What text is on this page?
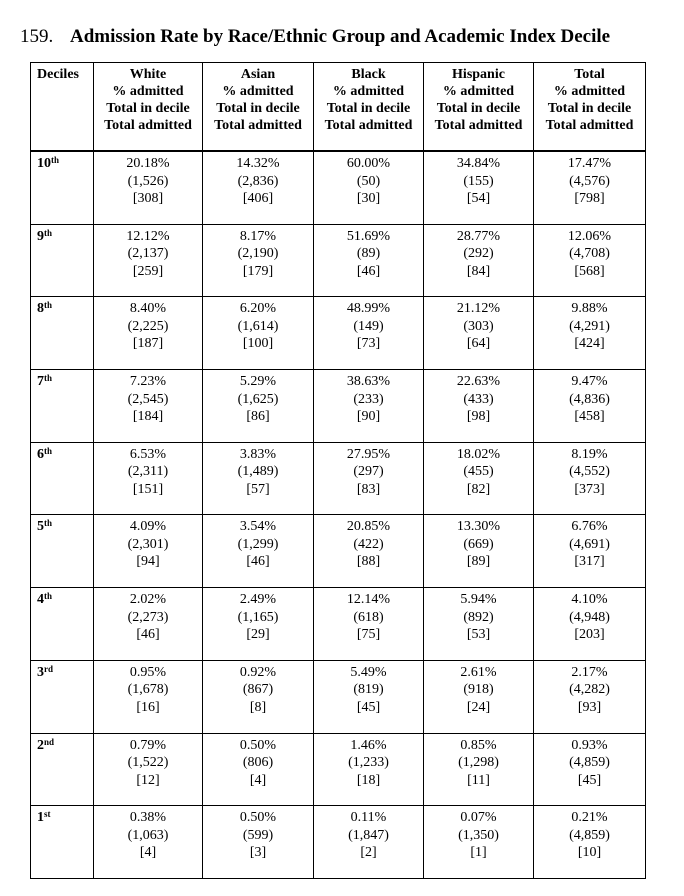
159. Admission Rate by Race/Ethnic Group and Academic Index Decile
Deciles	White
% admitted
Total in decile
Total admitted	Asian
% admitted
Total in decile
Total admitted	Black
% admitted
Total in decile
Total admitted	Hispanic
% admitted
Total in decile
Total admitted	Total
% admitted
Total in decile
Total admitted

10th	20.18%
(1,526)
[308]	14.32%
(2,836)
[406]	60.00%
(50)
[30]	34.84%
(155)
[54]	17.47%
(4,576)
[798]

9th	12.12%
(2,137)
[259]	8.17%
(2,190)
[179]	51.69%
(89)
[46]	28.77%
(292)
[84]	12.06%
(4,708)
[568]

8th	8.40%
(2,225)
[187]	6.20%
(1,614)
[100]	48.99%
(149)
[73]	21.12%
(303)
[64]	9.88%
(4,291)
[424]

7th	7.23%
(2,545)
[184]	5.29%
(1,625)
[86]	38.63%
(233)
[90]	22.63%
(433)
[98]	9.47%
(4,836)
[458]

6th	6.53%
(2,311)
[151]	3.83%
(1,489)
[57]	27.95%
(297)
[83]	18.02%
(455)
[82]	8.19%
(4,552)
[373]

5th	4.09%
(2,301)
[94]	3.54%
(1,299)
[46]	20.85%
(422)
[88]	13.30%
(669)
[89]	6.76%
(4,691)
[317]

4th	2.02%
(2,273)
[46]	2.49%
(1,165)
[29]	12.14%
(618)
[75]	5.94%
(892)
[53]	4.10%
(4,948)
[203]

3rd	0.95%
(1,678)
[16]	0.92%
(867)
[8]	5.49%
(819)
[45]	2.61%
(918)
[24]	2.17%
(4,282)
[93]

2nd	0.79%
(1,522)
[12]	0.50%
(806)
[4]	1.46%
(1,233)
[18]	0.85%
(1,298)
[11]	0.93%
(4,859)
[45]

1st	0.38%
(1,063)
[4]	0.50%
(599)
[3]	0.11%
(1,847)
[2]	0.07%
(1,350)
[1]	0.21%
(4,859)
[10]
